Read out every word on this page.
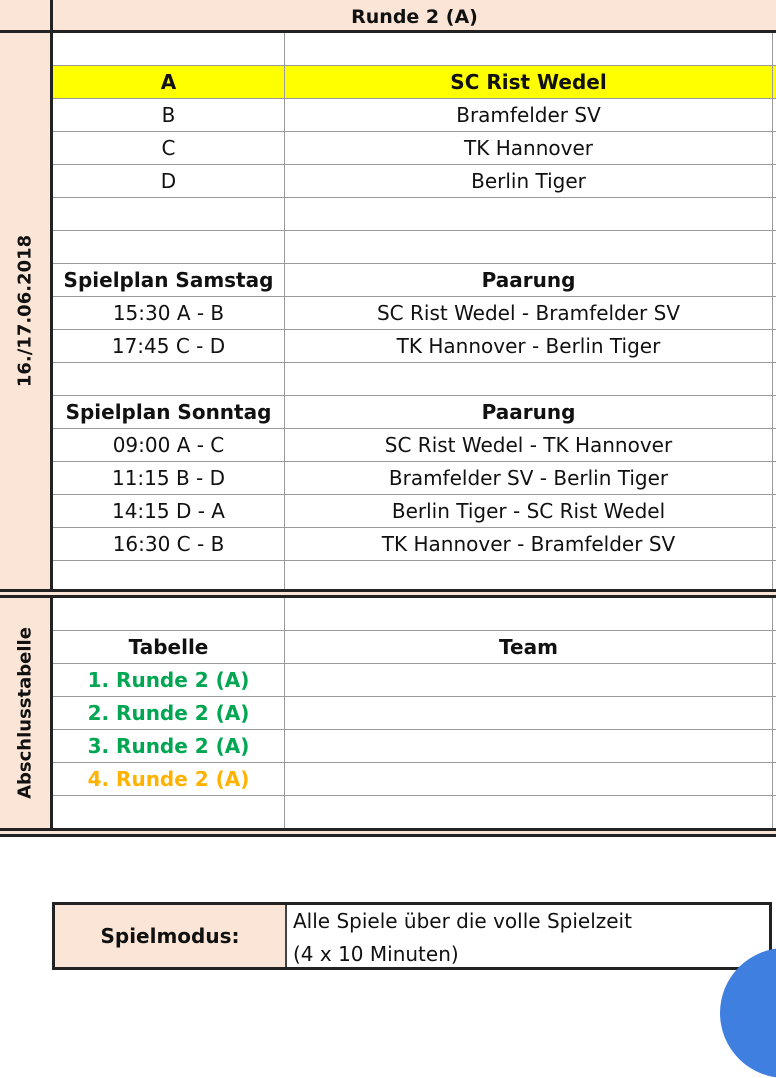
Runde 2 (A)
16./17.06.2018
A	SC Rist Wedel
B	Bramfelder SV
C	TK Hannover
D	Berlin Tiger
Spielplan Samstag	Paarung
15:30 A - B	SC Rist Wedel - Bramfelder SV
17:45 C - D	TK Hannover - Berlin Tiger
Spielplan Sonntag	Paarung
09:00 A - C	SC Rist Wedel - TK Hannover
11:15 B - D	Bramfelder SV - Berlin Tiger
14:15 D - A	Berlin Tiger - SC Rist Wedel
16:30 C - B	TK Hannover - Bramfelder SV
Abschlusstabelle	Tabelle	Team
1. Runde 2 (A)
2. Runde 2 (A)
3. Runde 2 (A)
4. Runde 2 (A)
Spielmodus:
Alle Spiele über die volle Spielzeit
(4 x 10 Minuten)
